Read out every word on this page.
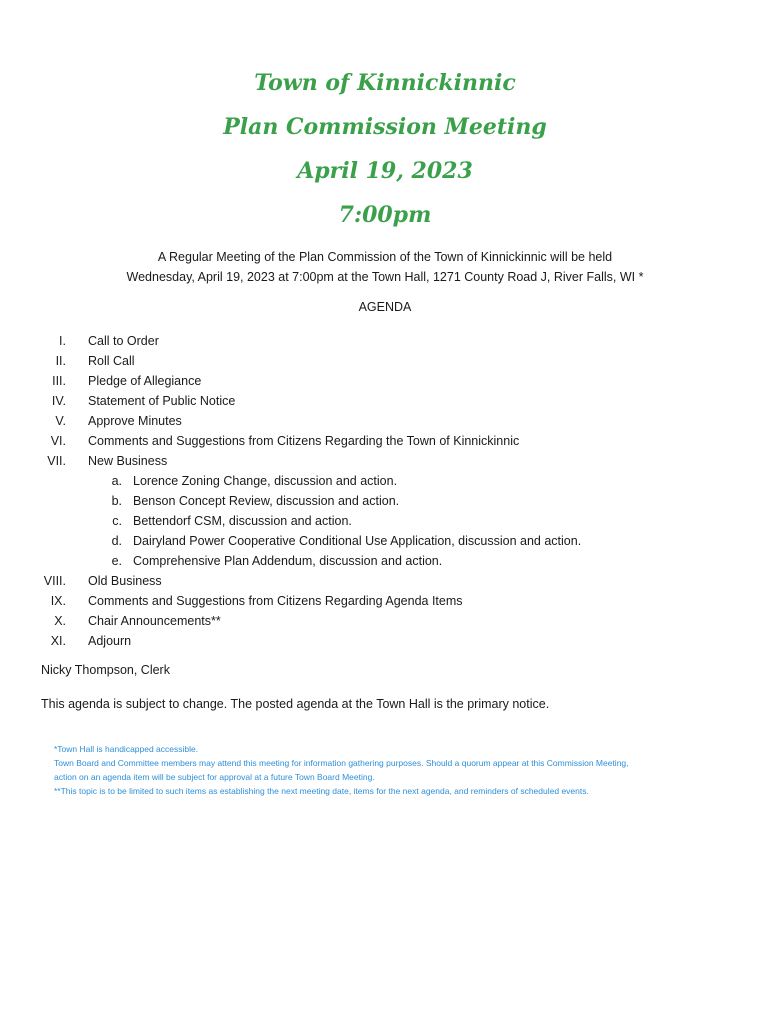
Town of Kinnickinnic
Plan Commission Meeting
April 19, 2023
7:00pm
A Regular Meeting of the Plan Commission of the Town of Kinnickinnic will be held
Wednesday, April 19, 2023 at 7:00pm at the Town Hall, 1271 County Road J, River Falls, WI *
AGENDA
I. Call to Order
II. Roll Call
III. Pledge of Allegiance
IV. Statement of Public Notice
V. Approve Minutes
VI. Comments and Suggestions from Citizens Regarding the Town of Kinnickinnic
VII. New Business
a. Lorence Zoning Change, discussion and action.
b. Benson Concept Review, discussion and action.
c. Bettendorf CSM, discussion and action.
d. Dairyland Power Cooperative Conditional Use Application, discussion and action.
e. Comprehensive Plan Addendum, discussion and action.
VIII. Old Business
IX. Comments and Suggestions from Citizens Regarding Agenda Items
X. Chair Announcements**
XI. Adjourn
Nicky Thompson, Clerk
This agenda is subject to change. The posted agenda at the Town Hall is the primary notice.
*Town Hall is handicapped accessible.
Town Board and Committee members may attend this meeting for information gathering purposes. Should a quorum appear at this Commission Meeting,
action on an agenda item will be subject for approval at a future Town Board Meeting.
**This topic is to be limited to such items as establishing the next meeting date, items for the next agenda, and reminders of scheduled events.
